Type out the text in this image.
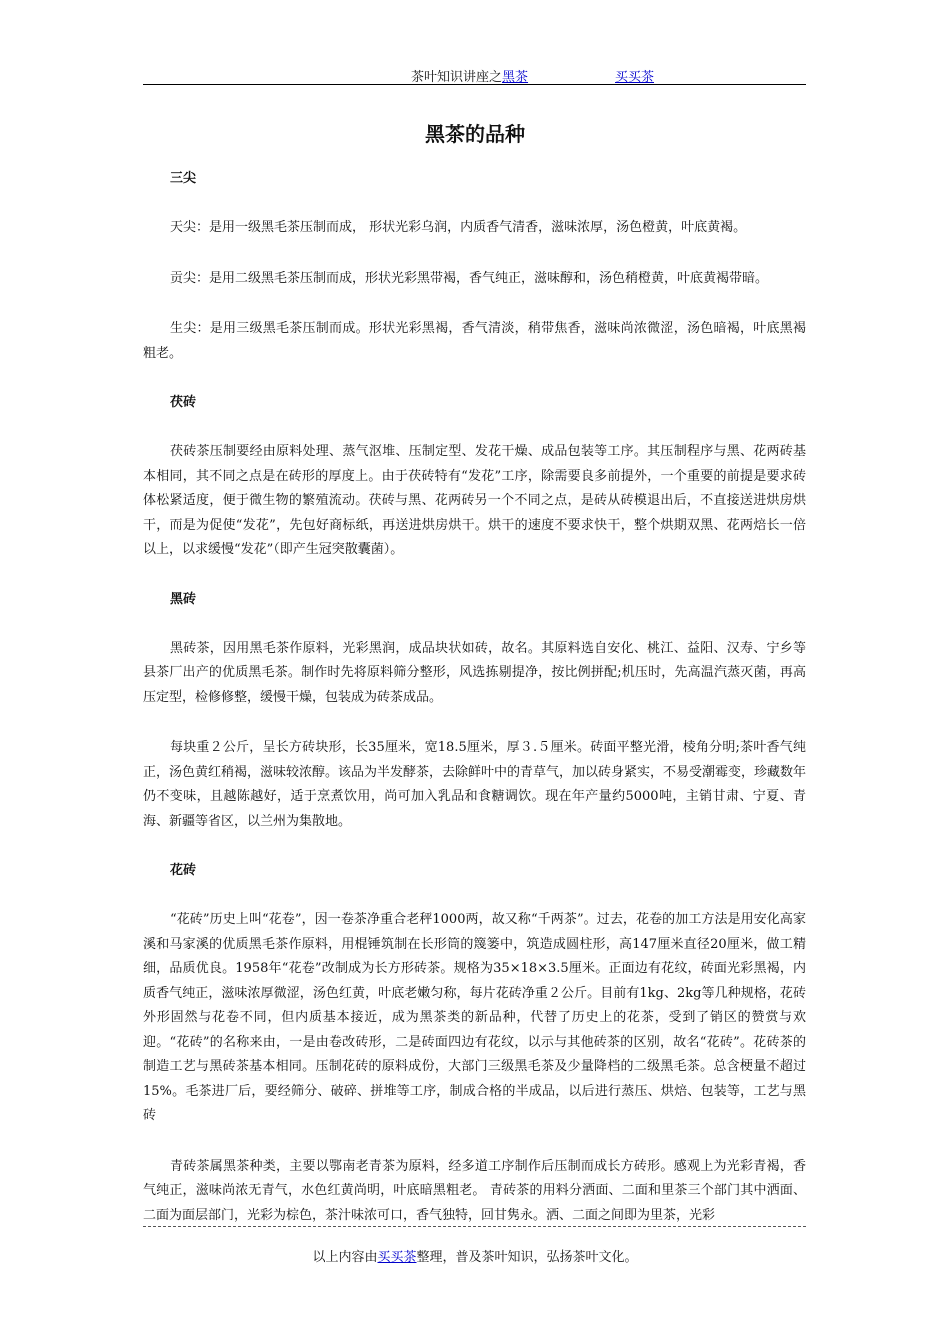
茶叶知识讲座之黑茶	买买茶
黑茶的品种
三尖

天尖：是用一级黑毛茶压制而成， 形状光彩乌润，内质香气清香，滋味浓厚，汤色橙黄，叶底黄褐。

贡尖：是用二级黑毛茶压制而成，形状光彩黑带褐，香气纯正，滋味醇和，汤色稍橙黄，叶底黄褐带暗。

生尖：是用三级黑毛茶压制而成。形状光彩黑褐，香气清淡，稍带焦香，滋味尚浓微涩，汤色暗褐，叶底黑褐粗老。

茯砖

茯砖茶压制要经由原料处理、蒸气沤堆、压制定型、发花干燥、成品包装等工序。其压制程序与黑、花两砖基本相同，其不同之点是在砖形的厚度上。由于茯砖特有“发花”工序，除需要良多前提外，一个重要的前提是要求砖体松紧适度，便于微生物的繁殖流动。茯砖与黑、花两砖另一个不同之点，是砖从砖模退出后，不直接送进烘房烘干，而是为促使“发花”，先包好商标纸，再送进烘房烘干。烘干的速度不要求快干，整个烘期双黑、花两焙长一倍以上，以求缓慢“发花”（即产生冠突散囊菌）。

黑砖

黑砖茶，因用黑毛茶作原料，光彩黑润，成品块状如砖，故名。其原料选自安化、桃江、益阳、汉寿、宁乡等县茶厂出产的优质黑毛茶。制作时先将原料筛分整形，风选拣剔提净，按比例拼配;机压时，先高温汽蒸灭菌，再高压定型，检修修整，缓慢干燥，包装成为砖茶成品。

每块重２公斤，呈长方砖块形，长35厘米，宽18.5厘米，厚３.５厘米。砖面平整光滑，棱角分明;茶叶香气纯正，汤色黄红稍褐，滋味较浓醇。该品为半发酵茶，去除鲜叶中的青草气，加以砖身紧实，不易受潮霉变，珍藏数年仍不变味，且越陈越好，适于烹煮饮用，尚可加入乳品和食糖调饮。现在年产量约5000吨，主销甘肃、宁夏、青海、新疆等省区，以兰州为集散地。

花砖

“花砖”历史上叫“花卷”，因一卷茶净重合老秤1000两，故又称“千两茶”。过去，花卷的加工方法是用安化高家溪和马家溪的优质黑毛茶作原料，用棍锤筑制在长形筒的篾篓中，筑造成圆柱形，高147厘米直径20厘米，做工精细，品质优良。1958年“花卷”改制成为长方形砖茶。规格为35×18×3.5厘米。正面边有花纹，砖面光彩黑褐，内质香气纯正，滋味浓厚微涩，汤色红黄，叶底老嫩匀称，每片花砖净重２公斤。目前有1kg、2kg等几种规格，花砖外形固然与花卷不同，但内质基本接近，成为黑茶类的新品种，代替了历史上的花茶，受到了销区的赞赏与欢迎。“花砖”的名称来由，一是由卷改砖形，二是砖面四边有花纹，以示与其他砖茶的区别，故名“花砖”。花砖茶的制造工艺与黑砖茶基本相同。压制花砖的原料成份，大部门三级黑毛茶及少量降档的二级黑毛茶。总含梗量不超过15%。毛茶进厂后，要经筛分、破碎、拼堆等工序，制成合格的半成品，以后进行蒸压、烘焙、包装等，工艺与黑砖

青砖茶属黑茶种类，主要以鄂南老青茶为原料，经多道工序制作后压制而成长方砖形。感观上为光彩青褐，香气纯正，滋味尚浓无青气，水色红黄尚明，叶底暗黑粗老。 青砖茶的用料分洒面、二面和里茶三个部门其中洒面、二面为面层部门，光彩为棕色，茶汁味浓可口，香气独特，回甘隽永。洒、二面之间即为里茶，光彩

以上内容由买买茶整理，普及茶叶知识，弘扬茶叶文化。
